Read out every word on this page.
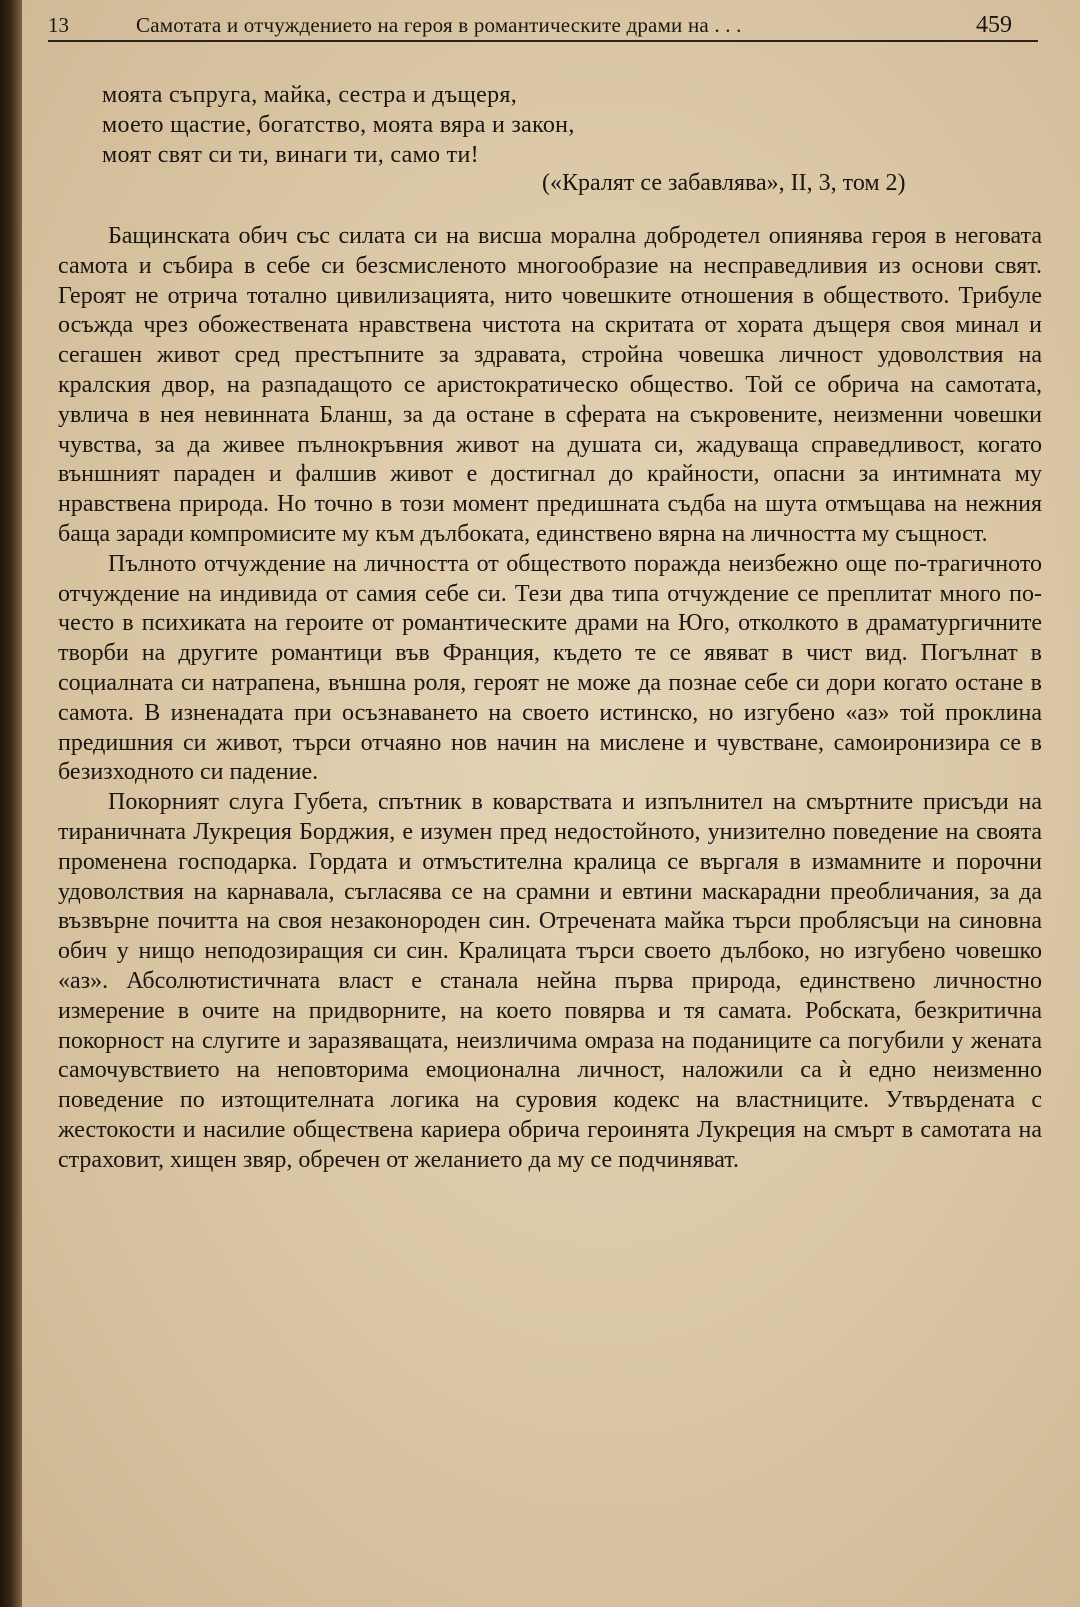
13	Самотата и отчуждението на героя в романтическите драми на . . .	459
моята съпруга, майка, сестра и дъщеря,
моето щастие, богатство, моята вяра и закон,
моят свят си ти, винаги ти, само ти!
(«Кралят се забавлява», II, 3, том 2)

Бащинската обич със силата си на висша морална добродетел опиянява героя в неговата самота и събира в себе си безсмисленото многообразие на несправедливия из основи свят. Героят не отрича тотално цивилизацията, нито човешките отношения в обществото. Трибуле осъжда чрез обожествената нравствена чистота на скритата от хората дъщеря своя минал и сегашен живот сред престъпните за здравата, стройна човешка личност удоволствия на кралския двор, на разпадащото се аристократическо общество. Той се обрича на самотата, увлича в нея невинната Бланш, за да остане в сферата на съкровените, неизменни човешки чувства, за да живее пълнокръвния живот на душата си, жадуваща справедливост, когато външният параден и фалшив живот е достигнал до крайности, опасни за интимната му нравствена природа. Но точно в този момент предишната съдба на шута отмъщава на нежния баща заради компромисите му към дълбоката, единствено вярна на личността му същност.

Пълното отчуждение на личността от обществото поражда неизбежно още по-трагичното отчуждение на индивида от самия себе си. Тези два типа отчуждение се преплитат много по-често в психиката на героите от романтическите драми на Юго, отколкото в драматургичните творби на другите романтици във Франция, където те се явяват в чист вид. Погълнат в социалната си натрапена, външна роля, героят не може да познае себе си дори когато остане в самота. В изненадата при осъзнаването на своето истинско, но изгубено «аз» той проклина предишния си живот, търси отчаяно нов начин на мислене и чувстване, самоиронизира се в безизходното си падение.

Покорният слуга Губета, спътник в коварствата и изпълнител на смъртните присъди на тираничната Лукреция Борджия, е изумен пред недостойното, унизително поведение на своята променена господарка. Гордата и отмъстителна кралица се въргаля в измамните и порочни удоволствия на карнавала, съгласява се на срамни и евтини маскарадни преобличания, за да възвърне почитта на своя незаконороден син. Отречената майка търси проблясъци на синовна обич у нищо неподозиращия си син. Кралицата търси своето дълбоко, но изгубено човешко «аз». Абсолютистичната власт е станала нейна първа природа, единствено личностно измерение в очите на придворните, на което повярва и тя самата. Робската, безкритична покорност на слугите и заразяващата, неизличима омраза на поданиците са погубили у жената самочувствието на неповторима емоционална личност, наложили са ѝ едно неизменно поведение по изтощителната логика на суровия кодекс на властниците. Утвърдената с жестокости и насилие обществена кариера обрича героинята Лукреция на смърт в самотата на страховит, хищен звяр, обречен от желанието да му се подчиняват.
